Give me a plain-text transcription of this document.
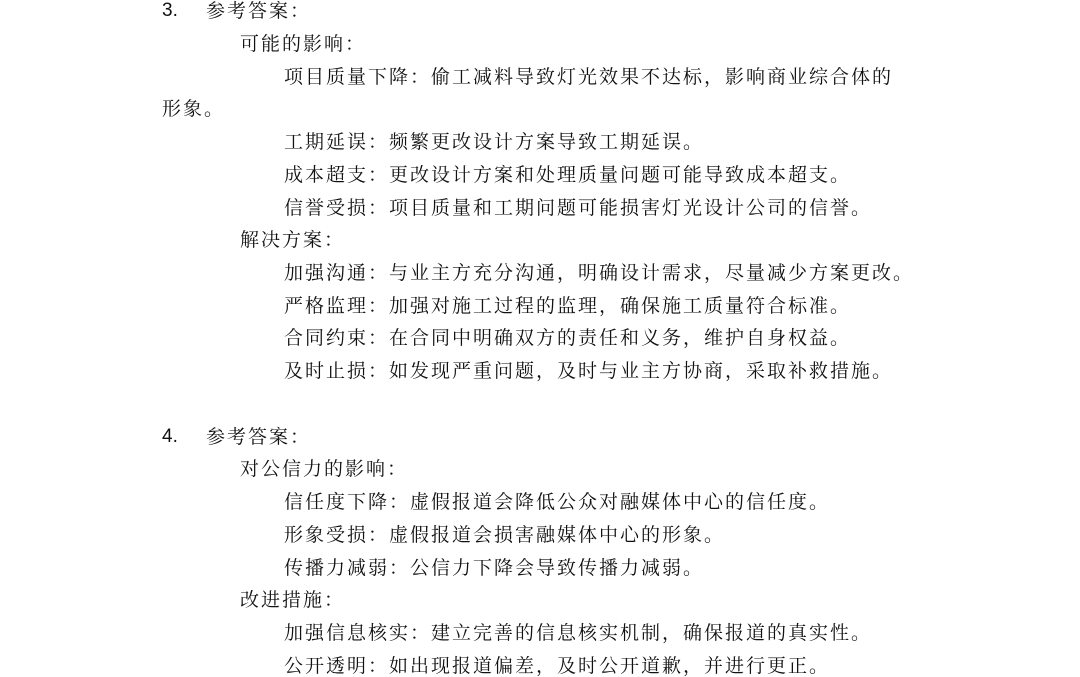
3. 参考答案：
可能的影响：
项目质量下降：偷工减料导致灯光效果不达标，影响商业综合体的
形象。
工期延误：频繁更改设计方案导致工期延误。
成本超支：更改设计方案和处理质量问题可能导致成本超支。
信誉受损：项目质量和工期问题可能损害灯光设计公司的信誉。
解决方案：
加强沟通：与业主方充分沟通，明确设计需求，尽量减少方案更改。
严格监理：加强对施工过程的监理，确保施工质量符合标准。
合同约束：在合同中明确双方的责任和义务，维护自身权益。
及时止损：如发现严重问题，及时与业主方协商，采取补救措施。
4. 参考答案：
对公信力的影响：
信任度下降：虚假报道会降低公众对融媒体中心的信任度。
形象受损：虚假报道会损害融媒体中心的形象。
传播力减弱：公信力下降会导致传播力减弱。
改进措施：
加强信息核实：建立完善的信息核实机制，确保报道的真实性。
公开透明：如出现报道偏差，及时公开道歉，并进行更正。
